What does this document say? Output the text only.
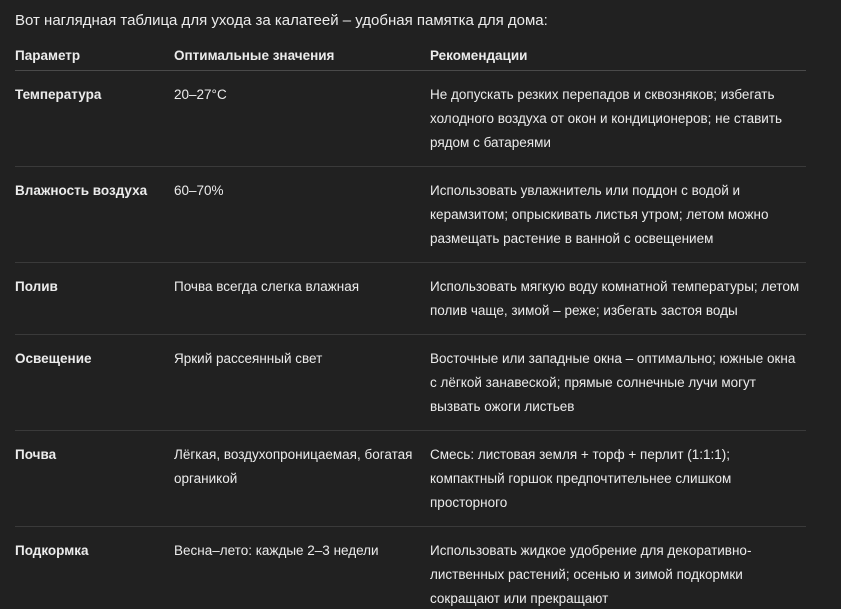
Вот наглядная таблица для ухода за калатеей – удобная памятка для дома:
Параметр	Оптимальные значения	Рекомендации
Температура	20–27°C	Не допускать резких перепадов и сквозняков; избегать холодного воздуха от окон и кондиционеров; не ставить рядом с батареями
Влажность воздуха	60–70%	Использовать увлажнитель или поддон с водой и керамзитом; опрыскивать листья утром; летом можно размещать растение в ванной с освещением
Полив	Почва всегда слегка влажная	Использовать мягкую воду комнатной температуры; летом полив чаще, зимой – реже; избегать застоя воды
Освещение	Яркий рассеянный свет	Восточные или западные окна – оптимально; южные окна с лёгкой занавеской; прямые солнечные лучи могут вызвать ожоги листьев
Почва	Лёгкая, воздухопроницаемая, богатая органикой	Смесь: листовая земля + торф + перлит (1:1:1); компактный горшок предпочтительнее слишком просторного
Подкормка	Весна–лето: каждые 2–3 недели	Использовать жидкое удобрение для декоративно-лиственных растений; осенью и зимой подкормки сокращают или прекращают
